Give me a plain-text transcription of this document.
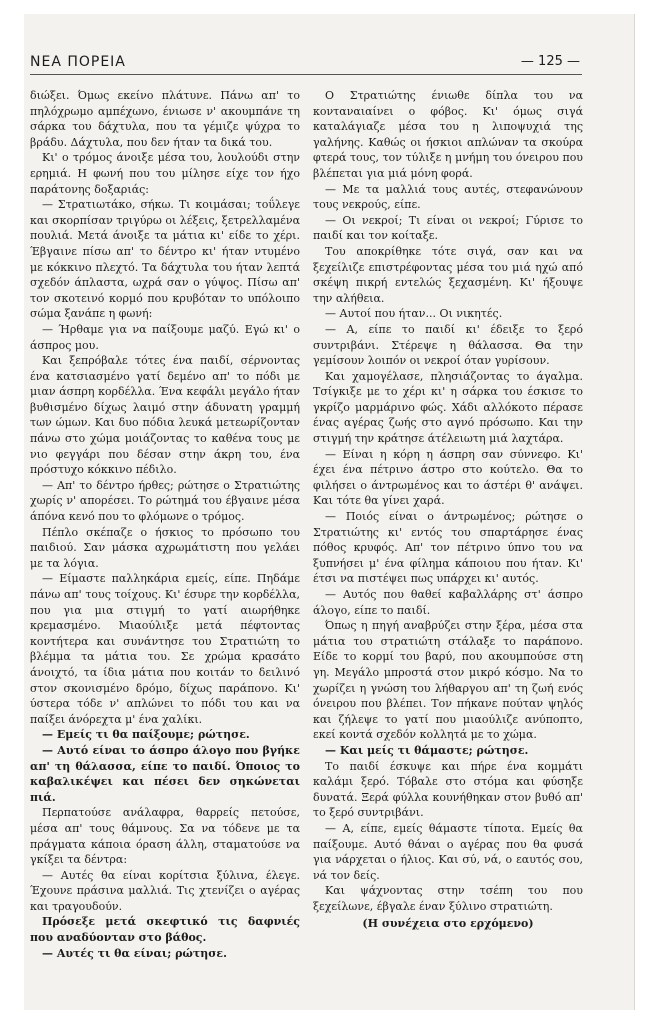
ΝΕΑ ΠΟΡΕΙΑ	— 125 —

διώξει. Όμως εκείνο πλάτυνε. Πάνω απ' το πηλόχρωμο αμπέχωνο, ένιωσε ν' ακουμπάνε τη σάρκα του δάχτυλα, που τα γέμιζε ψύχρα το βράδυ. Δάχτυλα, που δεν ήταν τα δικά του.

Κι' ο τρόμος άνοιξε μέσα του, λουλούδι στην ερημιά. Η φωνή που του μίλησε είχε τον ήχο παράτονης δοξαριάς:

— Στρατιωτάκο, σήκω. Τι κοιμάσαι; τοΰλεγε και σκορπίσαν τριγύρω οι λέξεις, ξετρελλαμένα πουλιά. Μετά άνοιξε τα μάτια κι' είδε το χέρι. Έβγαινε πίσω απ' το δέντρο κι' ήταν ντυμένο με κόκκινο πλεχτό. Τα δάχτυλα του ήταν λεπτά σχεδόν άπλαστα, ωχρά σαν ο γύψος. Πίσω απ' τον σκοτεινό κορμό που κρυβόταν το υπόλοιπο σώμα ξανάπε η φωνή:

— Ήρθαμε για να παίξουμε μαζύ. Εγώ κι' ο άσπρος μου.

Και ξεπρόβαλε τότες ένα παιδί, σέρνοντας ένα κατσιασμένο γατί δεμένο απ' το πόδι με μιαν άσπρη κορδέλλα. Ένα κεφάλι μεγάλο ήταν βυθισμένο δίχως λαιμό στην άδυνατη γραμμή των ώμων. Και δυο πόδια λευκά μετεωρίζονταν πάνω στο χώμα μοιάζοντας το καθένα τους με νιο φεγγάρι που δέσαν στην άκρη του, ένα πρόστυχο κόκκινο πέδιλο.

— Απ' το δέντρο ήρθες; ρώτησε ο Στρατιώτης χωρίς ν' απορέσει. Το ρώτημά του έβγαινε μέσα άπόνα κενό που το φλόμωνε ο τρόμος.

Πέπλο σκέπαζε ο ήσκιος το πρόσωπο του παιδιού. Σαν μάσκα αχρωμάτιστη που γελάει με τα λόγια.

— Είμαστε παλληκάρια εμείς, είπε. Πηδάμε πάνω απ' τους τοίχους. Κι' έσυρε την κορδέλλα, που για μια στιγμή το γατί αιωρήθηκε κρεμασμένο. Μιαούλιξε μετά πέφτοντας κοντήτερα και συνάντησε του Στρατιώτη το βλέμμα τα μάτια του. Σε χρώμα κρασάτο άνοιχτό, τα ίδια μάτια που κοιτάν το δειλινό στον σκονισμένο δρόμο, δίχως παράπονο. Κι' ύστερα τόδε ν' απλώνει το πόδι του και να παίξει άνόρεχτα μ' ένα χαλίκι.

— Εμείς τι θα παίξουμε; ρώτησε.

— Αυτό είναι το άσπρο άλογο που βγήκε απ' τη θάλασσα, είπε το παιδί. Όποιος το καβαλικέψει και πέσει δεν σηκώνεται πιά.

Περπατούσε ανάλαφρα, θαρρείς πετούσε, μέσα απ' τους θάμνους. Σα να τόδενε με τα πράγματα κάποια όραση άλλη, σταματούσε να γκίξει τα δέντρα:

— Αυτές θα είναι κορίτσια ξύλινα, έλεγε. Έχουνε πράσινα μαλλιά. Τις χτενίζει ο αγέρας και τραγουδούν.

Πρόσεξε μετά σκεφτικό τις δαφνιές που αναδύονταν στο βάθος.

— Αυτές τι θα είναι; ρώτησε.

Ο Στρατιώτης ένιωθε δίπλα του να κονταναιαίνει ο φόβος. Κι' όμως σιγά καταλάγιαζε μέσα του η λιποψυχιά της γαλήνης. Καθώς οι ήσκιοι απλώναν τα σκούρα φτερά τους, τον τύλιξε η μνήμη του όνειρου που βλέπεται για μιά μόνη φορά.

— Με τα μαλλιά τους αυτές, στεφανώνουν τους νεκρούς, είπε.

— Οι νεκροί; Τι είναι οι νεκροί; Γύρισε το παιδί και τον κοίταξε.

Του αποκρίθηκε τότε σιγά, σαν και να ξεχείλιζε επιστρέφοντας μέσα του μιά ηχώ από σκέψη πικρή εντελώς ξεχασμένη. Κι' ήξουψε την αλήθεια.

— Αυτοί που ήταν... Οι νικητές.

— Α, είπε το παιδί κι' έδειξε το ξερό συντριβάνι. Στέρεψε η θάλασσα. Θα την γεμίσουν λοιπόν οι νεκροί όταν γυρίσουν.

Και χαμογέλασε, πλησιάζοντας το άγαλμα. Τσίγκιξε με το χέρι κι' η σάρκα του έσκισε το γκρίζο μαρμάρινο φώς. Χάδι αλλόκοτο πέρασε ένας αγέρας ζωής στο αγνό πρόσωπο. Και την στιγμή την κράτησε άτέλειωτη μιά λαχτάρα.

— Είναι η κόρη η άσπρη σαν σύννεφο. Κι' έχει ένα πέτρινο άστρο στο κούτελο. Θα το φιλήσει ο άντρωμένος και το άστέρι θ' ανάψει. Και τότε θα γίνει χαρά.

— Ποιός είναι ο άντρωμένος; ρώτησε ο Στρατιώτης κι' εντός του σπαρτάρησε ένας πόθος κρυφός. Απ' τον πέτρινο ύπνο του να ξυπνήσει μ' ένα φίλημα κάποιου που ήταν. Κι' έτσι να πιστέψει πως υπάρχει κι' αυτός.

— Αυτός που θαθεί καβαλλάρης στ' άσπρο άλογο, είπε το παιδί.

Όπως η πηγή αναβρύζει στην ξέρα, μέσα στα μάτια του στρατιώτη στάλαξε το παράπονο. Είδε το κορμί του βαρύ, που ακουμπούσε στη γη. Μεγάλο μπροστά στον μικρό κόσμο. Να το χωρίζει η γνώση του λήθαργου απ' τη ζωή ενός όνειρου που βλέπει. Τον πήκανε πούταν ψηλός και ζήλεψε το γατί που μιαούλιζε ανύποπτο, εκεί κοντά σχεδόν κολλητά με το χώμα.

— Και μείς τι θάμαστε; ρώτησε.

Το παιδί έσκυψε και πήρε ένα κομμάτι καλάμι ξερό. Τόβαλε στο στόμα και φύσηξε δυνατά. Ξερά φύλλα κουνήθηκαν στον βυθό απ' το ξερό συντριβάνι.

— Α, είπε, εμείς θάμαστε τίποτα. Εμείς θα παίξουμε. Αυτό θάναι ο αγέρας που θα φυσά για νάρχεται ο ήλιος. Και σύ, νά, ο εαυτός σου, νά τον δείς.

Και ψάχνοντας στην τσέπη του που ξεχείλωνε, έβγαλε έναν ξύλινο στρατιώτη.

(Η συνέχεια στο ερχόμενο)
